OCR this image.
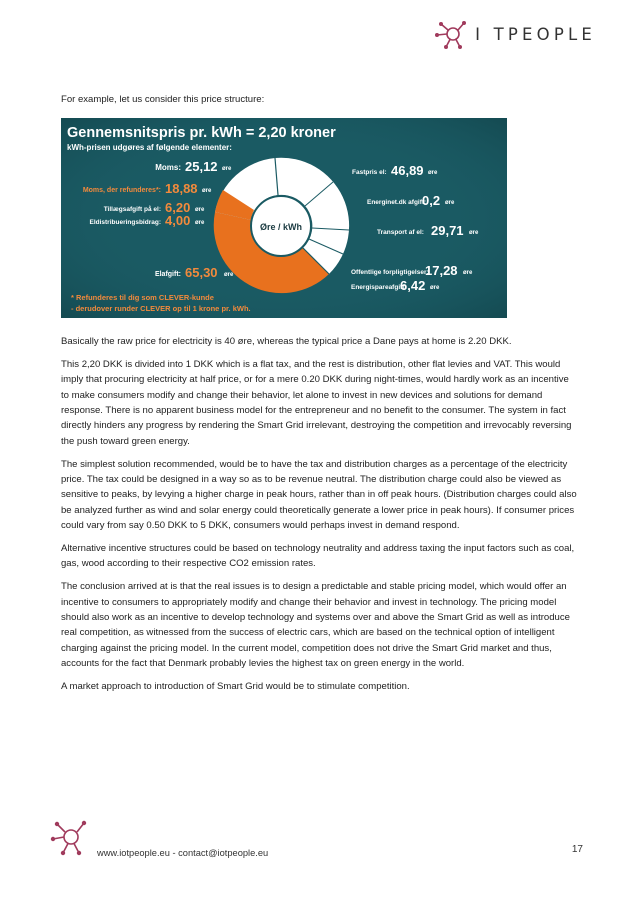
I TPEOPLE
For example, let us consider this price structure:
Gennemsnitspris pr. kWh = 2,20 kroner
kWh-prisen udgøres af følgende elementer:
Øre / kWh
Moms: 25,12 øre
Moms, der refunderes*: 18,88 øre
Tillægsafgift på el: 6,20 øre
Eldistribueringsbidrag: 4,00 øre
Elafgift: 65,30 øre
Fastpris el: 46,89 øre
Energinet.dk afgift:
0,2 øre
Transport af el: 29,71 øre
Offentlige forpligtigelser:
17,28 øre
Energisparеafgift:
6,42 øre
* Refunderes til dig som CLEVER-kunde
- derudover runder CLEVER op til 1 krone pr. kWh.

Basically the raw price for electricity is 40 øre, whereas the typical price a Dane pays at home is 2.20 DKK.

This 2,20 DKK is divided into 1 DKK which is a flat tax, and the rest is distribution, other flat levies and VAT. This would imply that procuring electricity at half price, or for a mere 0.20 DKK during night-times, would hardly work as an incentive to make consumers modify and change their behavior, let alone to invest in new devices and solutions for demand response. There is no apparent business model for the entrepreneur and no benefit to the consumer. The system in fact directly hinders any progress by rendering the Smart Grid irrelevant, destroying the competition and irrevocably reversing the push toward green energy.

The simplest solution recommended, would be to have the tax and distribution charges as a percentage of the electricity price. The tax could be designed in a way so as to be revenue neutral. The distribution charge could also be viewed as sensitive to peaks, by levying a higher charge in peak hours, rather than in off peak hours. (Distribution charges could also be analyzed further as wind and solar energy could theoretically generate a lower price in peak hours). If consumer prices could vary from say 0.50 DKK to 5 DKK, consumers would perhaps invest in demand respond.

Alternative incentive structures could be based on technology neutrality and address taxing the input factors such as coal, gas, wood according to their respective CO2 emission rates.

The conclusion arrived at is that the real issues is to design a predictable and stable pricing model, which would offer an incentive to consumers to appropriately modify and change their behavior and invest in technology. The pricing model should also work as an incentive to develop technology and systems over and above the Smart Grid as well as introduce real competition, as witnessed from the success of electric cars, which are based on the technical option of intelligent charging against the pricing model. In the current model, competition does not drive the Smart Grid market and thus, accounts for the fact that Denmark probably levies the highest tax on green energy in the world.

A market approach to introduction of Smart Grid would be to stimulate competition.

www.iotpeople.eu - contact@iotpeople.eu	17
